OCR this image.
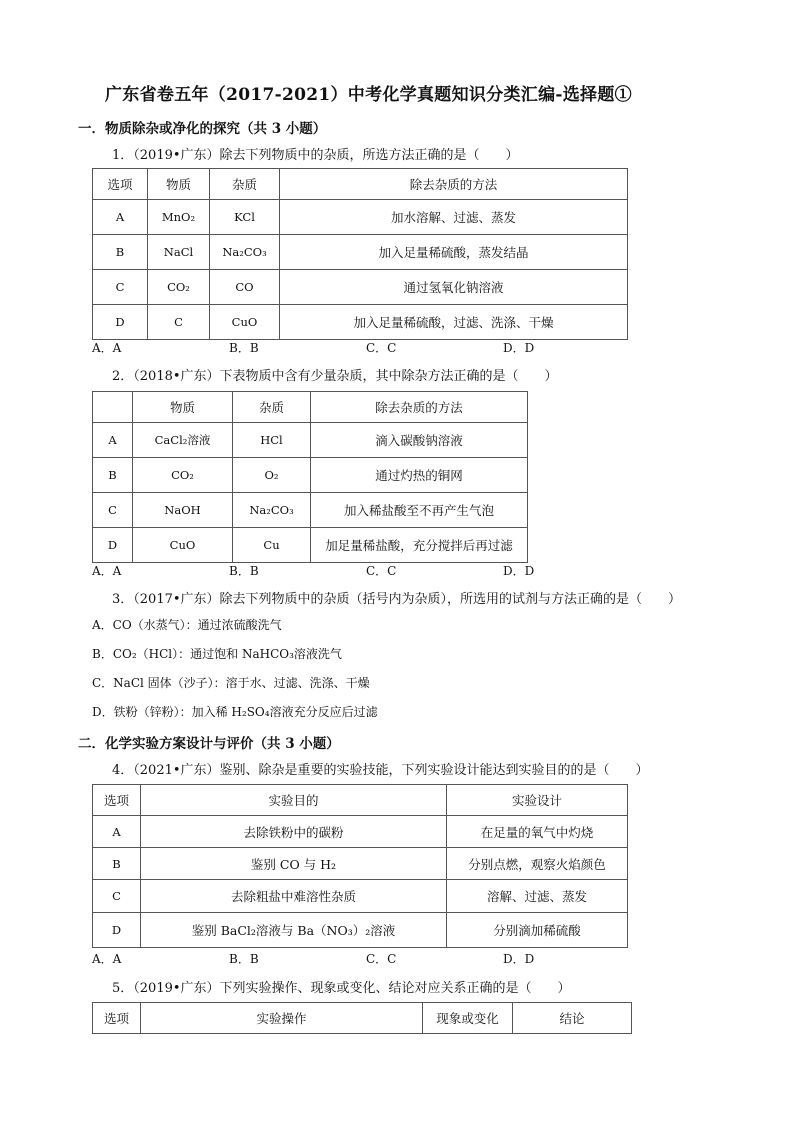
广东省卷五年（2017-2021）中考化学真题知识分类汇编-选择题①
一．物质除杂或净化的探究（共 3 小题）
1．（2019•广东）除去下列物质中的杂质，所选方法正确的是（　　）
选项	物质	杂质	除去杂质的方法
A	MnO₂	KCl	加水溶解、过滤、蒸发
B	NaCl	Na₂CO₃	加入足量稀硫酸，蒸发结晶
C	CO₂	CO	通过氢氧化钠溶液
D	C	CuO	加入足量稀硫酸，过滤、洗涤、干燥
A．A	B．B	C．C	D．D
2．（2018•广东）下表物质中含有少量杂质，其中除杂方法正确的是（　　）
	物质	杂质	除去杂质的方法
A	CaCl₂溶液	HCl	滴入碳酸钠溶液
B	CO₂	O₂	通过灼热的铜网
C	NaOH	Na₂CO₃	加入稀盐酸至不再产生气泡
D	CuO	Cu	加足量稀盐酸，充分搅拌后再过滤
A．A	B．B	C．C	D．D
3．（2017•广东）除去下列物质中的杂质（括号内为杂质），所选用的试剂与方法正确的是（　　）
A．CO（水蒸气）：通过浓硫酸洗气
B．CO₂（HCl）：通过饱和 NaHCO₃溶液洗气
C．NaCl 固体（沙子）：溶于水、过滤、洗涤、干燥
D．铁粉（锌粉）：加入稀 H₂SO₄溶液充分反应后过滤
二．化学实验方案设计与评价（共 3 小题）
4．（2021•广东）鉴别、除杂是重要的实验技能，下列实验设计能达到实验目的的是（　　）
选项	实验目的	实验设计
A	去除铁粉中的碳粉	在足量的氧气中灼烧
B	鉴别 CO 与 H₂	分别点燃，观察火焰颜色
C	去除粗盐中难溶性杂质	溶解、过滤、蒸发
D	鉴别 BaCl₂溶液与 Ba（NO₃）₂溶液	分别滴加稀硫酸
A．A	B．B	C．C	D．D
5．（2019•广东）下列实验操作、现象或变化、结论对应关系正确的是（　　）
选项	实验操作	现象或变化	结论
